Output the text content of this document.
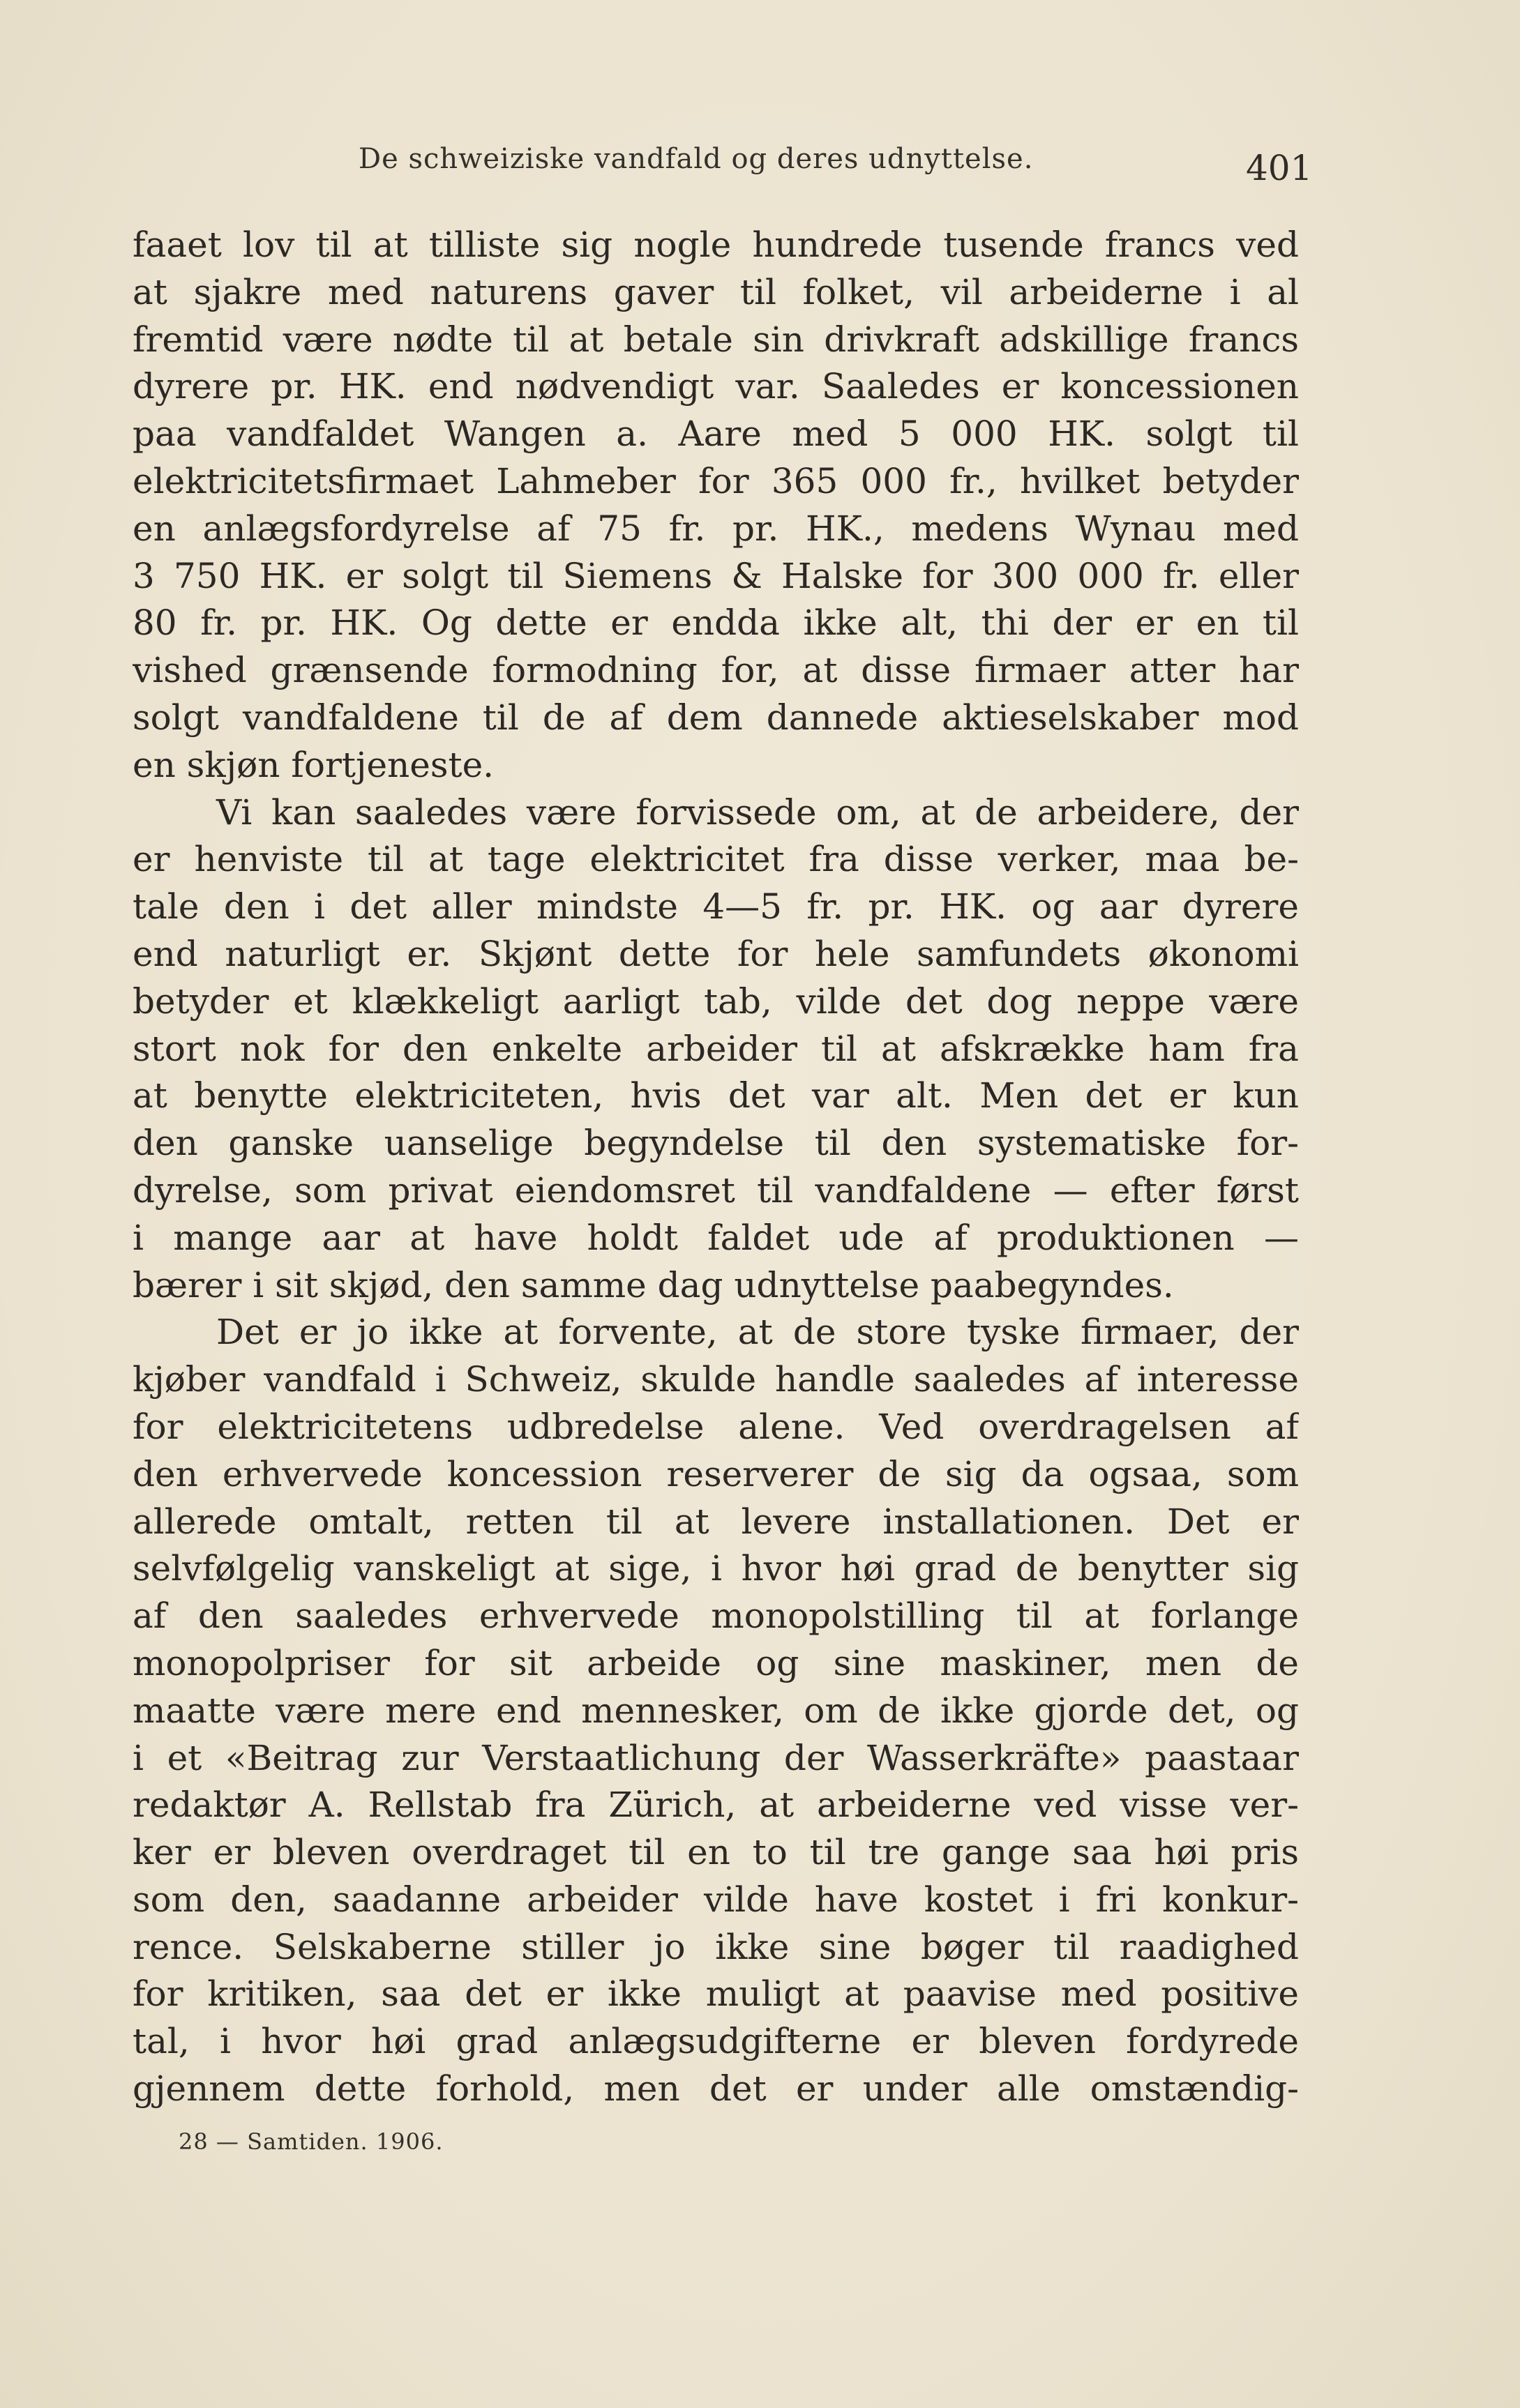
De schweiziske vandfald og deres udnyttelse.	401
faaet lov til at tilliste sig nogle hundrede tusende francs ved
at sjakre med naturens gaver til folket, vil arbeiderne i al
fremtid være nødte til at betale sin drivkraft adskillige francs
dyrere pr. HK. end nødvendigt var. Saaledes er koncessionen
paa vandfaldet Wangen a. Aare med 5 000 HK. solgt til
elektricitetsfirmaet Lahmeber for 365 000 fr., hvilket betyder
en anlægsfordyrelse af 75 fr. pr. HK., medens Wynau med
3 750 HK. er solgt til Siemens & Halske for 300 000 fr. eller
80 fr. pr. HK. Og dette er endda ikke alt, thi der er en til
vished grænsende formodning for, at disse firmaer atter har
solgt vandfaldene til de af dem dannede aktieselskaber mod
en skjøn fortjeneste.
Vi kan saaledes være forvissede om, at de arbeidere, der
er henviste til at tage elektricitet fra disse verker, maa be-
tale den i det aller mindste 4—5 fr. pr. HK. og aar dyrere
end naturligt er. Skjønt dette for hele samfundets økonomi
betyder et klækkeligt aarligt tab, vilde det dog neppe være
stort nok for den enkelte arbeider til at afskrække ham fra
at benytte elektriciteten, hvis det var alt. Men det er kun
den ganske uanselige begyndelse til den systematiske for-
dyrelse, som privat eiendomsret til vandfaldene — efter først
i mange aar at have holdt faldet ude af produktionen —
bærer i sit skjød, den samme dag udnyttelse paabegyndes.
Det er jo ikke at forvente, at de store tyske firmaer, der
kjøber vandfald i Schweiz, skulde handle saaledes af interesse
for elektricitetens udbredelse alene. Ved overdragelsen af
den erhvervede koncession reserverer de sig da ogsaa, som
allerede omtalt, retten til at levere installationen. Det er
selvfølgelig vanskeligt at sige, i hvor høi grad de benytter sig
af den saaledes erhvervede monopolstilling til at forlange
monopolpriser for sit arbeide og sine maskiner, men de
maatte være mere end mennesker, om de ikke gjorde det, og
i et «Beitrag zur Verstaatlichung der Wasserkräfte» paastaar
redaktør A. Rellstab fra Zürich, at arbeiderne ved visse ver-
ker er bleven overdraget til en to til tre gange saa høi pris
som den, saadanne arbeider vilde have kostet i fri konkur-
rence. Selskaberne stiller jo ikke sine bøger til raadighed
for kritiken, saa det er ikke muligt at paavise med positive
tal, i hvor høi grad anlægsudgifterne er bleven fordyrede
gjennem dette forhold, men det er under alle omstændig-
28 — Samtiden. 1906.
